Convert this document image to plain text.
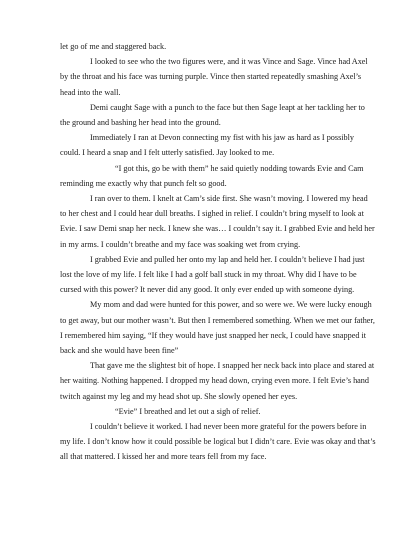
let go of me and staggered back.

I looked to see who the two figures were, and it was Vince and Sage. Vince had Axel by the throat and his face was turning purple. Vince then started repeatedly smashing Axel’s head into the wall.

Demi caught Sage with a punch to the face but then Sage leapt at her tackling her to the ground and bashing her head into the ground.

Immediately I ran at Devon connecting my fist with his jaw as hard as I possibly could. I heard a snap and I felt utterly satisfied. Jay looked to me.

“I got this, go be with them” he said quietly nodding towards Evie and Cam reminding me exactly why that punch felt so good.

I ran over to them. I knelt at Cam’s side first. She wasn’t moving. I lowered my head to her chest and I could hear dull breaths. I sighed in relief. I couldn’t bring myself to look at Evie. I saw Demi snap her neck. I knew she was… I couldn’t say it. I grabbed Evie and held her in my arms. I couldn’t breathe and my face was soaking wet from crying.

I grabbed Evie and pulled her onto my lap and held her. I couldn’t believe I had just lost the love of my life. I felt like I had a golf ball stuck in my throat. Why did I have to be cursed with this power? It never did any good. It only ever ended up with someone dying.

My mom and dad were hunted for this power, and so were we. We were lucky enough to get away, but our mother wasn’t. But then I remembered something. When we met our father, I remembered him saying, “If they would have just snapped her neck, I could have snapped it back and she would have been fine”

That gave me the slightest bit of hope. I snapped her neck back into place and stared at her waiting. Nothing happened. I dropped my head down, crying even more. I felt Evie’s hand twitch against my leg and my head shot up. She slowly opened her eyes.

“Evie” I breathed and let out a sigh of relief.

I couldn’t believe it worked. I had never been more grateful for the powers before in my life. I don’t know how it could possible be logical but I didn’t care. Evie was okay and that’s all that mattered. I kissed her and more tears fell from my face.
